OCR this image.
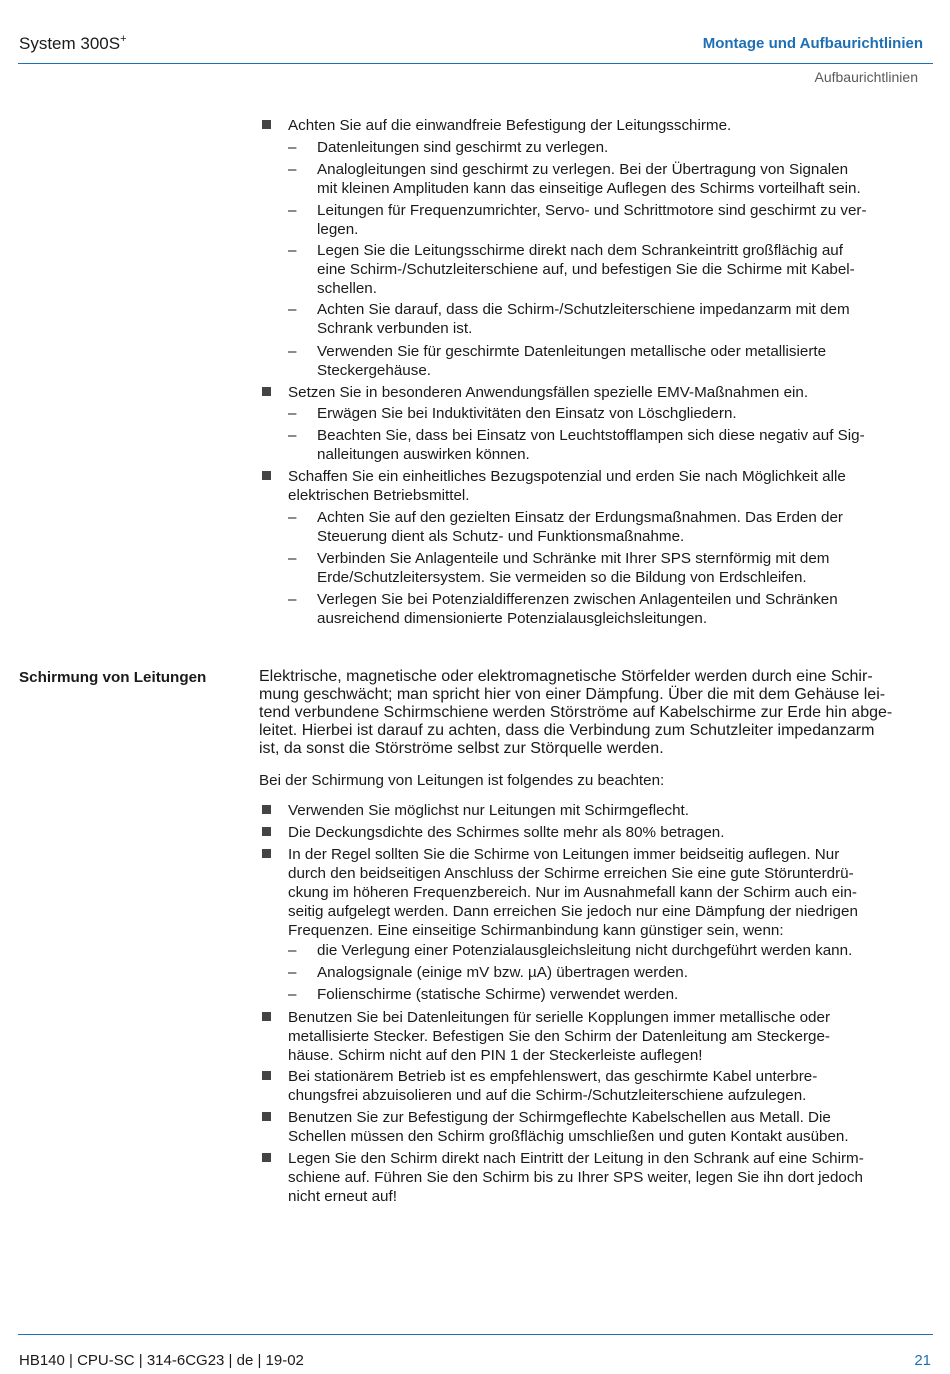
System 300S+	Montage und Aufbaurichtlinien
Aufbaurichtlinien
Achten Sie auf die einwandfreie Befestigung der Leitungsschirme.
– Datenleitungen sind geschirmt zu verlegen.
– Analogleitungen sind geschirmt zu verlegen. Bei der Übertragung von Signalen
mit kleinen Amplituden kann das einseitige Auflegen des Schirms vorteilhaft sein.
– Leitungen für Frequenzumrichter, Servo- und Schrittmotore sind geschirmt zu ver-
legen.
– Legen Sie die Leitungsschirme direkt nach dem Schrankeintritt großflächig auf
eine Schirm-/Schutzleiterschiene auf, und befestigen Sie die Schirme mit Kabel-
schellen.
– Achten Sie darauf, dass die Schirm-/Schutzleiterschiene impedanzarm mit dem
Schrank verbunden ist.
– Verwenden Sie für geschirmte Datenleitungen metallische oder metallisierte
Steckergehäuse.
Setzen Sie in besonderen Anwendungsfällen spezielle EMV-Maßnahmen ein.
– Erwägen Sie bei Induktivitäten den Einsatz von Löschgliedern.
– Beachten Sie, dass bei Einsatz von Leuchtstofflampen sich diese negativ auf Sig-
nalleitungen auswirken können.
Schaffen Sie ein einheitliches Bezugspotenzial und erden Sie nach Möglichkeit alle
elektrischen Betriebsmittel.
– Achten Sie auf den gezielten Einsatz der Erdungsmaßnahmen. Das Erden der
Steuerung dient als Schutz- und Funktionsmaßnahme.
– Verbinden Sie Anlagenteile und Schränke mit Ihrer SPS sternförmig mit dem
Erde/Schutzleitersystem. Sie vermeiden so die Bildung von Erdschleifen.
– Verlegen Sie bei Potenzialdifferenzen zwischen Anlagenteilen und Schränken
ausreichend dimensionierte Potenzialausgleichsleitungen.
Schirmung von Leitungen	Elektrische, magnetische oder elektromagnetische Störfelder werden durch eine Schir-
mung geschwächt; man spricht hier von einer Dämpfung. Über die mit dem Gehäuse lei-
tend verbundene Schirmschiene werden Störströme auf Kabelschirme zur Erde hin abge-
leitet. Hierbei ist darauf zu achten, dass die Verbindung zum Schutzleiter impedanzarm
ist, da sonst die Störströme selbst zur Störquelle werden.
Bei der Schirmung von Leitungen ist folgendes zu beachten:
Verwenden Sie möglichst nur Leitungen mit Schirmgeflecht.
Die Deckungsdichte des Schirmes sollte mehr als 80% betragen.
In der Regel sollten Sie die Schirme von Leitungen immer beidseitig auflegen. Nur
durch den beidseitigen Anschluss der Schirme erreichen Sie eine gute Störunterdrü-
ckung im höheren Frequenzbereich. Nur im Ausnahmefall kann der Schirm auch ein-
seitig aufgelegt werden. Dann erreichen Sie jedoch nur eine Dämpfung der niedrigen
Frequenzen. Eine einseitige Schirmanbindung kann günstiger sein, wenn:
– die Verlegung einer Potenzialausgleichsleitung nicht durchgeführt werden kann.
– Analogsignale (einige mV bzw. µA) übertragen werden.
– Folienschirme (statische Schirme) verwendet werden.
Benutzen Sie bei Datenleitungen für serielle Kopplungen immer metallische oder
metallisierte Stecker. Befestigen Sie den Schirm der Datenleitung am Steckerge-
häuse. Schirm nicht auf den PIN 1 der Steckerleiste auflegen!
Bei stationärem Betrieb ist es empfehlenswert, das geschirmte Kabel unterbre-
chungsfrei abzuisolieren und auf die Schirm-/Schutzleiterschiene aufzulegen.
Benutzen Sie zur Befestigung der Schirmgeflechte Kabelschellen aus Metall. Die
Schellen müssen den Schirm großflächig umschließen und guten Kontakt ausüben.
Legen Sie den Schirm direkt nach Eintritt der Leitung in den Schrank auf eine Schirm-
schiene auf. Führen Sie den Schirm bis zu Ihrer SPS weiter, legen Sie ihn dort jedoch
nicht erneut auf!
HB140 | CPU-SC | 314-6CG23 | de | 19-02	21
